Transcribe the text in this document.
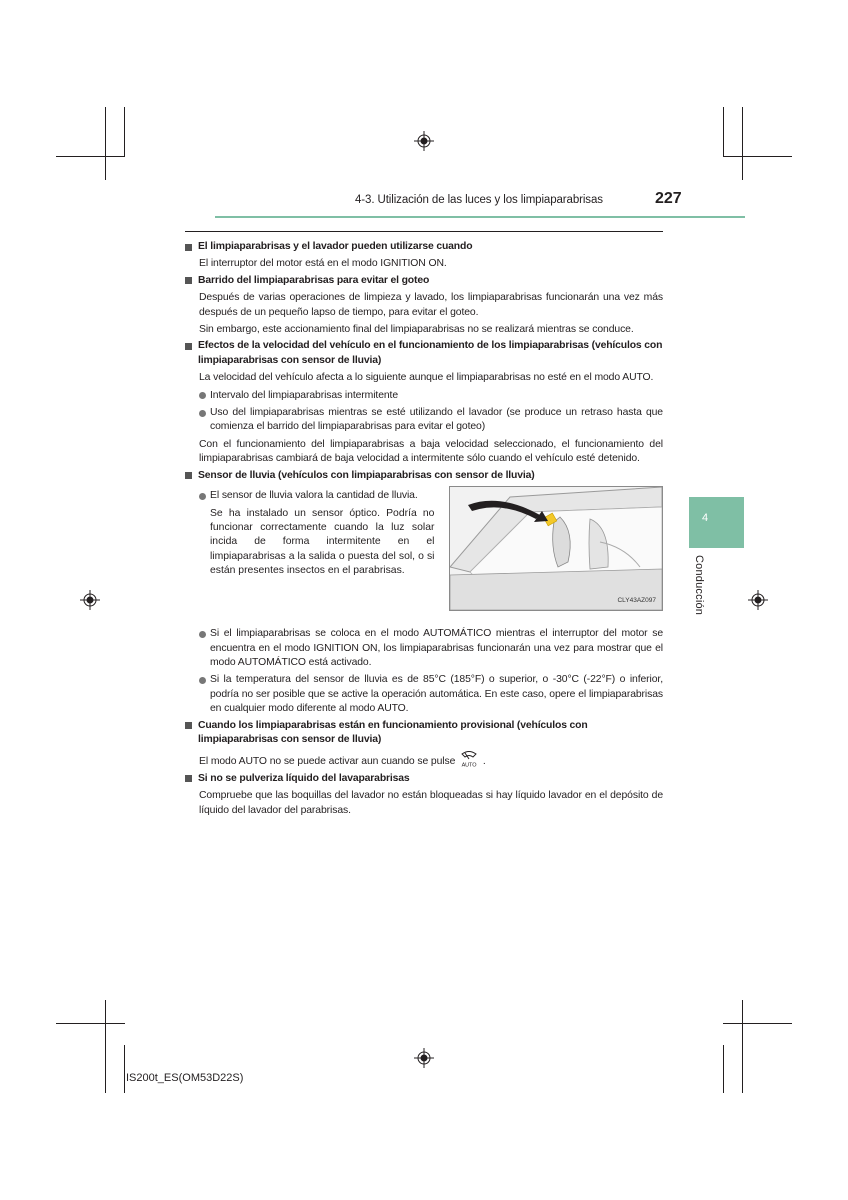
4-3. Utilización de las luces y los limpiaparabrisas	227
4
Conducción
El limpiaparabrisas y el lavador pueden utilizarse cuando

El interruptor del motor está en el modo IGNITION ON.

Barrido del limpiaparabrisas para evitar el goteo

Después de varias operaciones de limpieza y lavado, los limpiaparabrisas funcionarán una vez más después de un pequeño lapso de tiempo, para evitar el goteo.

Sin embargo, este accionamiento final del limpiaparabrisas no se realizará mientras se conduce.

Efectos de la velocidad del vehículo en el funcionamiento de los limpiaparabrisas (vehículos con limpiaparabrisas con sensor de lluvia)

La velocidad del vehículo afecta a lo siguiente aunque el limpiaparabrisas no esté en el modo AUTO.

Intervalo del limpiaparabrisas intermitente
Uso del limpiaparabrisas mientras se esté utilizando el lavador (se produce un retraso hasta que comienza el barrido del limpiaparabrisas para evitar el goteo)

Con el funcionamiento del limpiaparabrisas a baja velocidad seleccionado, el funcionamiento del limpiaparabrisas cambiará de baja velocidad a intermitente sólo cuando el vehículo esté detenido.

Sensor de lluvia (vehículos con limpiaparabrisas con sensor de lluvia)
El sensor de lluvia valora la cantidad de lluvia.
Se ha instalado un sensor óptico. Podría no funcionar correctamente cuando la luz solar incida de forma intermitente en el limpiaparabrisas a la salida o puesta del sol, o si están presentes insectos en el parabrisas.
CLY43AZ097
Si el limpiaparabrisas se coloca en el modo AUTOMÁTICO mientras el interruptor del motor se encuentra en el modo IGNITION ON, los limpiaparabrisas funcionarán una vez para mostrar que el modo AUTOMÁTICO está activado.
Si la temperatura del sensor de lluvia es de 85°C (185°F) o superior, o -30°C (-22°F) o inferior, podría no ser posible que se active la operación automática. En este caso, opere el limpiaparabrisas en cualquier modo diferente al modo AUTO.
Cuando los limpiaparabrisas están en funcionamiento provisional (vehículos con limpiaparabrisas con sensor de lluvia)

El modo AUTO no se puede activar aun cuando se pulse AUTO .

Si no se pulveriza líquido del lavaparabrisas

Compruebe que las boquillas del lavador no están bloqueadas si hay líquido lavador en el depósito de líquido del lavador del parabrisas.

IS200t_ES(OM53D22S)
